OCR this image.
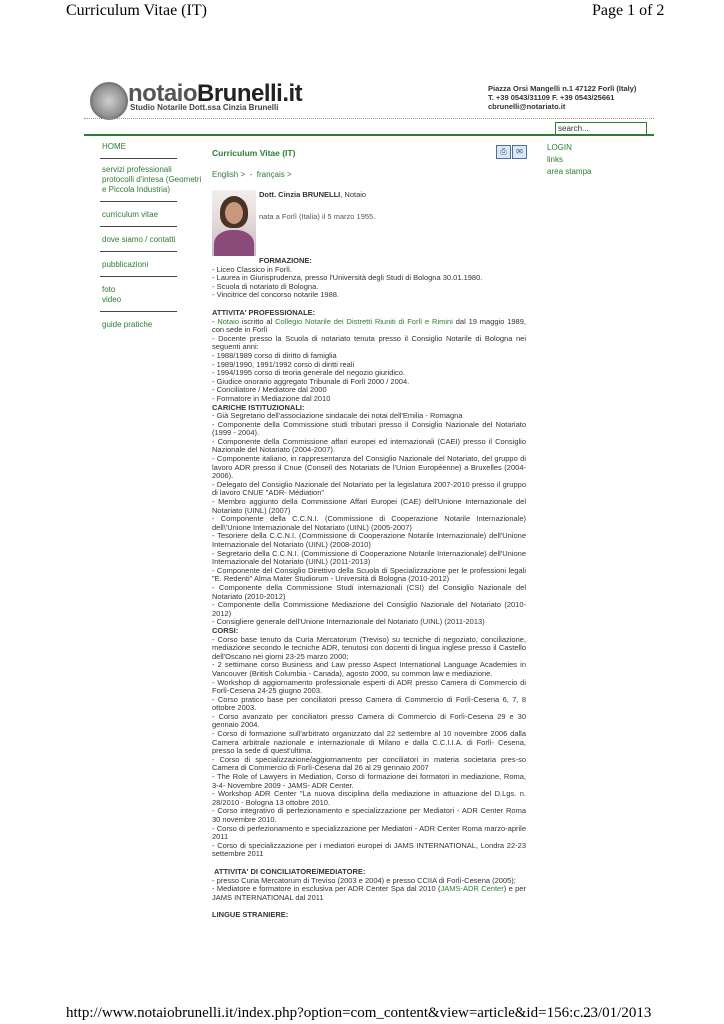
Curriculum Vitae (IT)	Page 1 of 2
notaioBrunelli.it
Studio Notarile Dott.ssa Cinzia Brunelli
Piazza Orsi Mangelli n.1 47122 Forlì (Italy)
T. +39 0543/31109 F. +39 0543/25661
cbrunelli@notariato.it
search...
HOME
servizi professionali
protocolli d'intesa (Geometri e Piccola Industria)
curriculum vitae
dove siamo / contatti
pubblicazioni
foto
video
guide pratiche
LOGIN
links
area stampa
Curriculum Vitae (IT)	⎙	✉
English > - français >
Dott. Cinzia BRUNELLI, Notaio
nata a Forlì (Italia) il 5 marzo 1955.
FORMAZIONE:
- Liceo Classico in Forlì.
- Laurea in Giurisprudenza, presso l'Università degli Studi di Bologna 30.01.1980.
- Scuola di notariato di Bologna.
- Vincitrice del concorso notarile 1988.
ATTIVITA' PROFESSIONALE:
- Notaio iscritto al Collegio Notarile dei Distretti Riuniti di Forlì e Rimini dal 19 maggio 1989, con sede in Forlì
- Docente presso la Scuola di notariato tenuta presso il Consiglio Notarile di Bologna nei seguenti anni:
- 1988/1989 corso di diritto di famiglia
- 1989/1990, 1991/1992 corso di diritti reali
- 1994/1995 corso di teoria generale del negozio giuridico.
- Giudice onorario aggregato Tribunale di Forlì 2000 / 2004.
- Conciliatore / Mediatore dal 2000
- Formatore in Mediazione dal 2010
CARICHE ISTITUZIONALI:
- Già Segretario dell'associazione sindacale dei notai dell'Emilia - Romagna
- Componente della Commissione studi tributari presso il Consiglio Nazionale del Notariato (1999 - 2004).
- Componente della Commissione affari europei ed internazionali (CAEI) presso il Consiglio Nazionale del Notariato (2004-2007).
- Componente italiano, in rappresentanza del Consiglio Nazionale del Notariato, del gruppo di lavoro ADR presso il Cnue (Conseil des Notariats de l'Union Européenne) a Bruxelles (2004-2006).
- Delegato del Consiglio Nazionale del Notariato per la legislatura 2007-2010 presso il gruppo di lavoro CNUE "ADR- Médiation"
- Membro aggiunto della Commissione Affari Europei (CAE) dell'Unione Internazionale del Notariato (UINL) (2007)
- Componente della C.C.N.I. (Commissione di Cooperazione Notarile Internazionale) dell\'Unione Internazionale del Notariato (UINL) (2005-2007)
- Tesoriere della C.C.N.I. (Commissione di Cooperazione Notarile Internazionale) dell'Unione Internazionale del Notariato (UINL) (2008-2010)
- Segretario della C.C.N.I. (Commissione di Cooperazione Notarile Internazionale) dell'Unione Internazionale del Notariato (UINL) (2011-2013)
- Componente del Consiglio Direttivo della Scuola di Specializzazione per le professioni legali "E. Redenti" Alma Mater Studiorum - Università di Bologna (2010-2012)
- Componente della Commissione Studi internazionali (CSI) del Consiglio Nazionale del Notariato (2010-2012)
- Componente della Commissione Mediazione del Consiglio Nazionale del Notariato (2010-2012)
- Consigliere generale dell'Unione Internazionale del Notariato (UINL) (2011-2013)
CORSI:
- Corso base tenuto da Curia Mercatorum (Treviso) su tecniche di negoziato, conciliazione, mediazione secondo le tecniche ADR, tenutosi con docenti di lingua inglese presso il Castello dell'Oscano nei giorni 23-25 marzo 2000;
- 2 settimane corso Business and Law presso Aspect International Language Academies in Vancouver (British Columbia - Canada), agosto 2000, su common law e mediazione.
- Workshop di aggiornamento professionale esperti di ADR presso Camera di Commercio di Forlì-Cesena 24-25 giugno 2003.
- Corso pratico base per conciliatori presso Camera di Commercio di Forlì-Cesena 6, 7, 8 ottobre 2003.
- Corso avanzato per conciliatori presso Camera di Commercio di Forlì-Cesena 29 e 30 gennaio 2004.
- Corso di formazione sull'arbitrato organizzato dal 22 settembre al 10 novembre 2006 dalla Camera arbitrale nazionale e internazionale di Milano e dalla C.C.I.I.A. di Forlì- Cesena, presso la sede di quest'ultima.
- Corso di specializzazione/aggiornamento per conciliatori in materia societaria pres-so Camera di Commercio di Forlì-Cesena dal 26 al 29 gennaio 2007
- The Role of Lawyers in Mediation, Corso di formazione dei formatori in mediazione, Roma, 3-4- Novembre 2009 - JAMS- ADR Center.
- Workshop ADR Center "La nuova disciplina della mediazione in attuazione del D.Lgs. n. 28/2010 - Bologna 13 ottobre 2010.
- Corso integrativo di perfezionamento e specializzazione per Mediatori - ADR Center Roma 30 novembre 2010.
- Corso di perfezionamento e specializzazione per Mediatori - ADR Center Roma marzo-aprile 2011
- Corso di specializzazione per i mediatori europei di JAMS INTERNATIONAL, Londra 22-23 settembre 2011
ATTIVITA' DI CONCILIATORE/MEDIATORE:
- presso Curia Mercatorum di Treviso (2003 e 2004) e presso CCIIA di Forlì-Cesena (2005);
- Mediatore e formatore in esclusiva per ADR Center Spa dal 2010 (JAMS-ADR Center) e per JAMS INTERNATIONAL dal 2011
LINGUE STRANIERE:
http://www.notaiobrunelli.it/index.php?option=com_content&view=article&id=156:c...
23/01/2013
